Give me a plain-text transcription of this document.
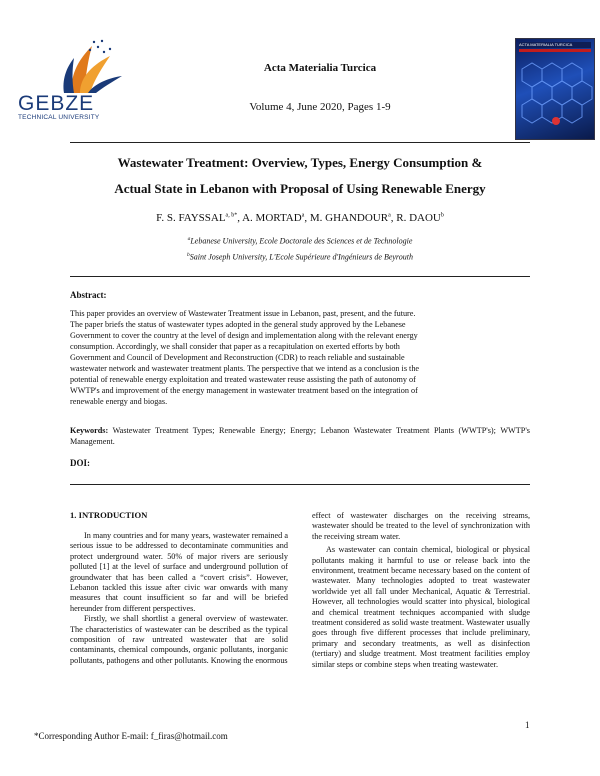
GEBZE
TECHNICAL UNIVERSITY
Acta Materialia Turcica
Volume 4, June 2020, Pages 1-9
ACTA MATERIALIA TURCICA
Wastewater Treatment: Overview, Types, Energy Consumption &
Actual State in Lebanon with Proposal of Using Renewable Energy
F. S. $FAYSSAL^{a, b*}$, A. MORTAD$^a$, M. GHANDOUR$^a$, R. DAOU$^b$
$^a$Lebanese University, Ecole Doctorale des Sciences et de Technologie
$^b$Saint Joseph University, L'Ecole Supérieure d'Ingénieurs de Beyrouth
Abstract:
This paper provides an overview of Wastewater Treatment issue in Lebanon, past, present, and the future.
The paper briefs the status of wastewater types adopted in the general study approved by the Lebanese
Government to cover the country at the level of design and implementation along with the relevant energy
consumption. Accordingly, we shall consider that paper as a recapitulation on exerted efforts by both
Government and Council of Development and Reconstruction (CDR) to reach reliable and sustainable
wastewater network and wastewater treatment plants. The perspective that we intend as a conclusion is the
potential of renewable energy exploitation and treated wastewater reuse assisting the path of autonomy of
WWTP's and improvement of the energy management in wastewater treatment based on the integration of
renewable energy and biogas.
Keywords: Wastewater Treatment Types; Renewable Energy; Energy; Lebanon Wastewater Treatment Plants (WWTP's); WWTP's Management.
DOI:
1. INTRODUCTION

In many countries and for many years, wastewater remained a serious issue to be addressed to decontaminate communities and protect underground water. 50% of major rivers are seriously polluted [1] at the level of surface and underground pollution of groundwater that has been called a “covert crisis”. However, Lebanon tackled this issue after civic war onwards with many measures that count insufficient so far and will be briefed hereunder from different perspectives.

Firstly, we shall shortlist a general overview of wastewater. The characteristics of wastewater can be described as the typical composition of raw untreated wastewater that are solid contaminants, chemical compounds, organic pollutants, inorganic pollutants, pathogens and other pollutants. Knowing the enormous

effect of wastewater discharges on the receiving streams, wastewater should be treated to the level of synchronization with the receiving stream water.

As wastewater can contain chemical, biological or physical pollutants making it harmful to use or release back into the environment, treatment became necessary based on the content of wastewater. Many technologies adopted to treat wastewater worldwide yet all fall under Mechanical, Aquatic & Terrestrial. However, all technologies would scatter into physical, biological and chemical treatment techniques accompanied with sludge treatment considered as solid waste treatment. Wastewater usually goes through five different processes that include preliminary, primary and secondary treatments, as well as disinfection (tertiary) and sludge treatment. Most treatment facilities employ similar steps or combine steps when treating wastewater.

1
*Corresponding Author E-mail: f_firas@hotmail.com
